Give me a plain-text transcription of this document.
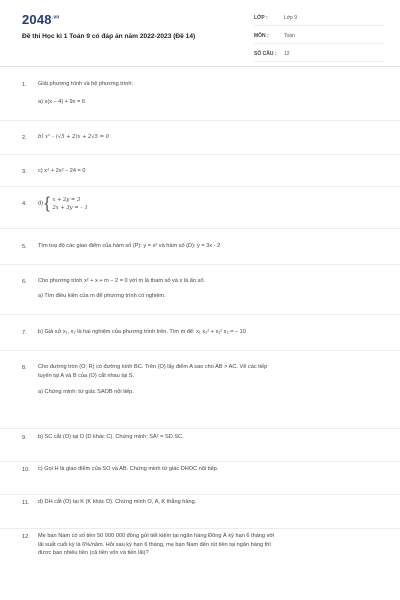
$2048^{.vn}$
Đề thi Học kì 1 Toán 9 có đáp án năm 2022-2023 (Đề 14)
LỚP :	Lớp 9
MÔN :	Toán
SỐ CÂU : 12
1. Giải phương trình và hệ phương trình:
a) x(x – 4) + 9x = 6
2. b) x² – (√5 + 2)x + 2√5 = 0
3. c) x⁴ + 2x² – 24 = 0
4. d) { x + 2y = 3
2x + 3y = – 1
5. Tìm toạ độ các giao điểm của hàm số (P): y = x² và hàm số (D): y = 3x - 2
6. Cho phương trình x² + x + m – 2 = 0 với m là tham số và x là ẩn số.
a) Tìm điều kiện của m để phương trình có nghiệm.
7. b) Giả sử x₁, x₂ là hai nghiệm của phương trình trên. Tìm m để: x₁ x₂² + x₁² x₂ = – 10
8. Cho đường tròn (O; R) có đường kính BC. Trên (O) lấy điểm A sao cho AB > AC. Vẽ các tiếp
tuyến tại A và B của (O) cắt nhau tại S.
a) Chứng minh: tứ giác SAOB nội tiếp.
9. b) SC cắt (O) tại D (D khác C). Chứng minh: SA² = SD.SC.
10. c) Gọi H là giao điểm của SO và AB. Chứng minh tứ giác DHOC nội tiếp.
11. d) DH cắt (O) tại K (K khác D). Chứng minh O, A, K thẳng hàng.
12. Mẹ bạn Nam có số tiền 50 000 000 đồng gửi tiết kiệm tại ngân hàng Đông Á kỳ hạn 6 tháng với
lãi suất cuối kỳ là 6%/năm. Hỏi sau kỳ hạn 6 tháng, mẹ bạn Nam đến rút tiền tại ngân hàng thì
được bao nhiêu tiền (cả tiền vốn và tiền lãi)?
